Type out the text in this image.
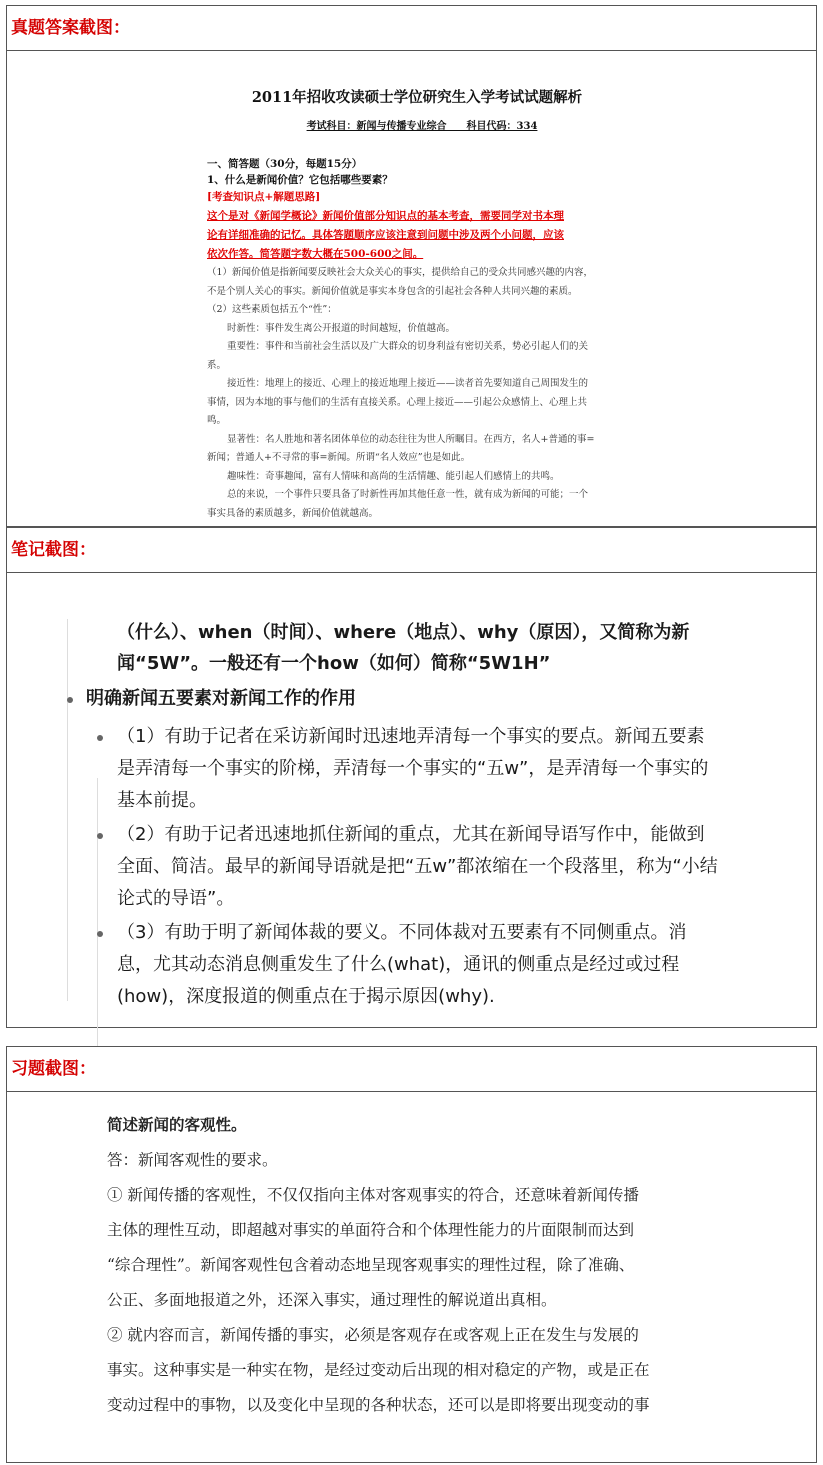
真题答案截图：
2011年招收攻读硕士学位研究生入学考试试题解析
考试科目：新闻与传播专业综合　　科目代码：334
一、简答题（30分，每题15分）
1、什么是新闻价值？它包括哪些要素？
[考查知识点+解题思路]
这个是对《新闻学概论》新闻价值部分知识点的基本考查，需要同学对书本理
论有详细准确的记忆。具体答题顺序应该注意到问题中涉及两个小问题，应该
依次作答。简答题字数大概在500-600之间。
（1）新闻价值是指新闻要反映社会大众关心的事实，提供给自己的受众共同感兴趣的内容，
不是个别人关心的事实。新闻价值就是事实本身包含的引起社会各种人共同兴趣的素质。
（2）这些素质包括五个“性”：
时新性：事件发生离公开报道的时间越短，价值越高。
重要性：事件和当前社会生活以及广大群众的切身利益有密切关系，势必引起人们的关
系。
接近性：地理上的接近、心理上的接近地理上接近——读者首先要知道自己周围发生的
事情，因为本地的事与他们的生活有直接关系。心理上接近——引起公众感情上、心理上共
鸣。
显著性：名人胜地和著名团体单位的动态往往为世人所瞩目。在西方，名人+普通的事=
新闻；普通人+不寻常的事=新闻。所谓“名人效应”也是如此。
趣味性：奇事趣闻，富有人情味和高尚的生活情趣、能引起人们感情上的共鸣。
总的来说，一个事件只要具备了时新性再加其他任意一性，就有成为新闻的可能；一个
事实具备的素质越多，新闻价值就越高。
笔记截图：
（什么）、when（时间）、where（地点）、why（原因），又简称为新
闻“5W”。一般还有一个how（如何）简称“5W1H”
明确新闻五要素对新闻工作的作用
（1）有助于记者在采访新闻时迅速地弄清每一个事实的要点。新闻五要素
是弄清每一个事实的阶梯，弄清每一个事实的“五w”，是弄清每一个事实的
基本前提。
（2）有助于记者迅速地抓住新闻的重点，尤其在新闻导语写作中，能做到
全面、简洁。最早的新闻导语就是把“五w”都浓缩在一个段落里，称为“小结
论式的导语”。
（3）有助于明了新闻体裁的要义。不同体裁对五要素有不同侧重点。消
息，尤其动态消息侧重发生了什么(what)，通讯的侧重点是经过或过程
(how)，深度报道的侧重点在于揭示原因(why).
习题截图：
简述新闻的客观性。
答：新闻客观性的要求。
① 新闻传播的客观性，不仅仅指向主体对客观事实的符合，还意味着新闻传播
主体的理性互动，即超越对事实的单面符合和个体理性能力的片面限制而达到
“综合理性”。新闻客观性包含着动态地呈现客观事实的理性过程，除了准确、
公正、多面地报道之外，还深入事实，通过理性的解说道出真相。
② 就内容而言，新闻传播的事实，必须是客观存在或客观上正在发生与发展的
事实。这种事实是一种实在物，是经过变动后出现的相对稳定的产物，或是正在
变动过程中的事物，以及变化中呈现的各种状态，还可以是即将要出现变动的事
